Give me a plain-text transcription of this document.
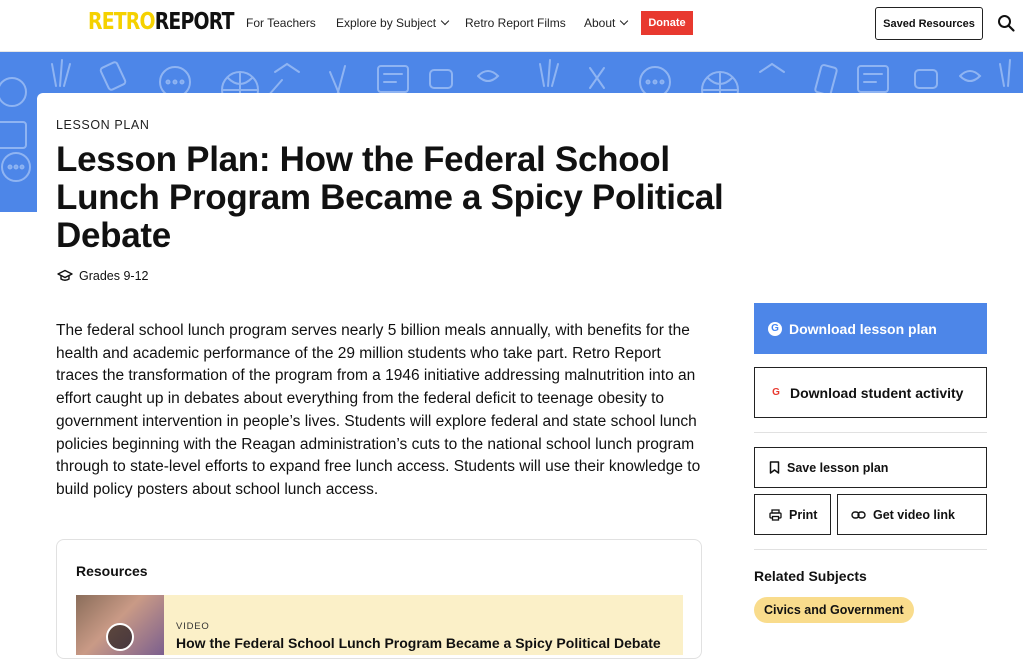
RETROREPORT For Teachers Explore by Subject	Retro Report Films About	Donate	Saved Resources
LESSON PLAN
Lesson Plan: How the Federal School Lunch Program Became a Spicy Political Debate
Grades 9-12

The federal school lunch program serves nearly 5 billion meals annually, with benefits for the health and academic performance of the 29 million students who take part. Retro Report traces the transformation of the program from a 1946 initiative addressing malnutrition into an effort caught up in debates about everything from the federal deficit to teenage obesity to government intervention in people’s lives. Students will explore federal and state school lunch policies beginning with the Reagan administration’s cuts to the national school lunch program through to state-level efforts to expand free lunch access. Students will use their knowledge to build policy posters about school lunch access.

Resources
VIDEO
How the Federal School Lunch Program Became a Spicy Political Debate
G Download lesson plan
G Download student activity
Save lesson plan
Print	Get video link
Related Subjects
Civics and Government
